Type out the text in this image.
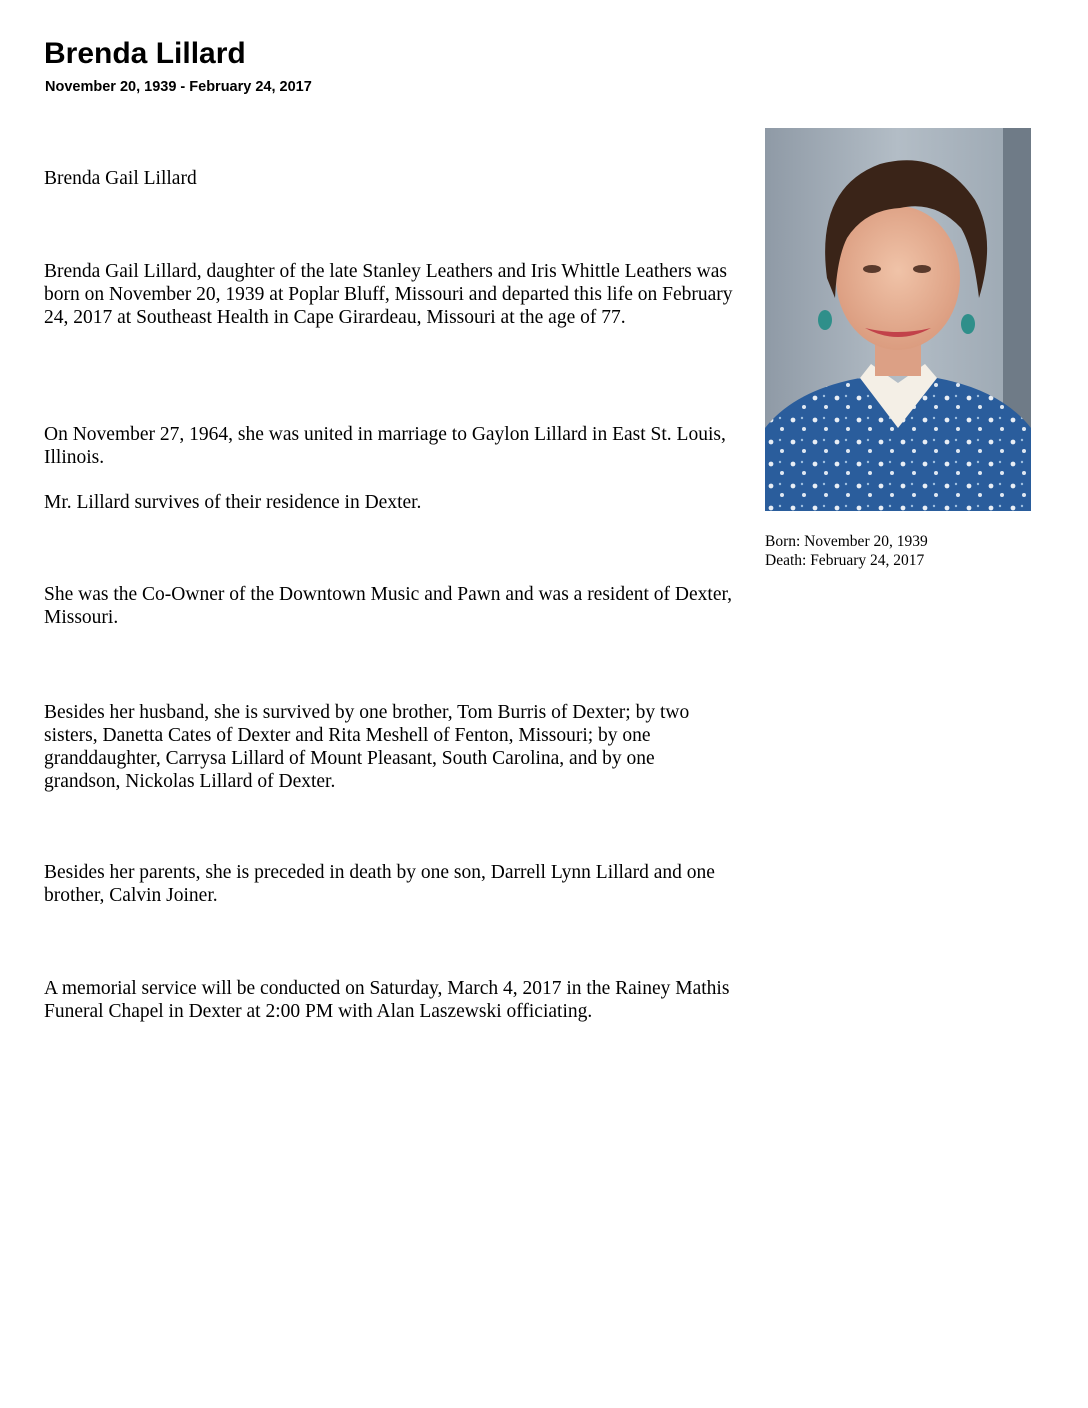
Brenda Lillard
November 20, 1939 - February 24, 2017

Brenda Gail Lillard

Brenda Gail Lillard, daughter of the late Stanley Leathers and Iris Whittle Leathers was born on November 20, 1939 at Poplar Bluff, Missouri and departed this life on February 24, 2017 at Southeast Health in Cape Girardeau, Missouri at the age of 77.

On November 27, 1964, she was united in marriage to Gaylon Lillard in East St. Louis, Illinois.

Mr. Lillard survives of their residence in Dexter.

She was the Co-Owner of the Downtown Music and Pawn and was a resident of Dexter, Missouri.

Besides her husband, she is survived by one brother, Tom Burris of Dexter; by two sisters, Danetta Cates of Dexter and Rita Meshell of Fenton, Missouri; by one granddaughter, Carrysa Lillard of Mount Pleasant, South Carolina, and by one grandson, Nickolas Lillard of Dexter.

Besides her parents, she is preceded in death by one son, Darrell Lynn Lillard and one brother, Calvin Joiner.

A memorial service will be conducted on Saturday, March 4, 2017 in the Rainey Mathis Funeral Chapel in Dexter at 2:00 PM with Alan Laszewski officiating.

Born: November 20, 1939
Death: February 24, 2017
